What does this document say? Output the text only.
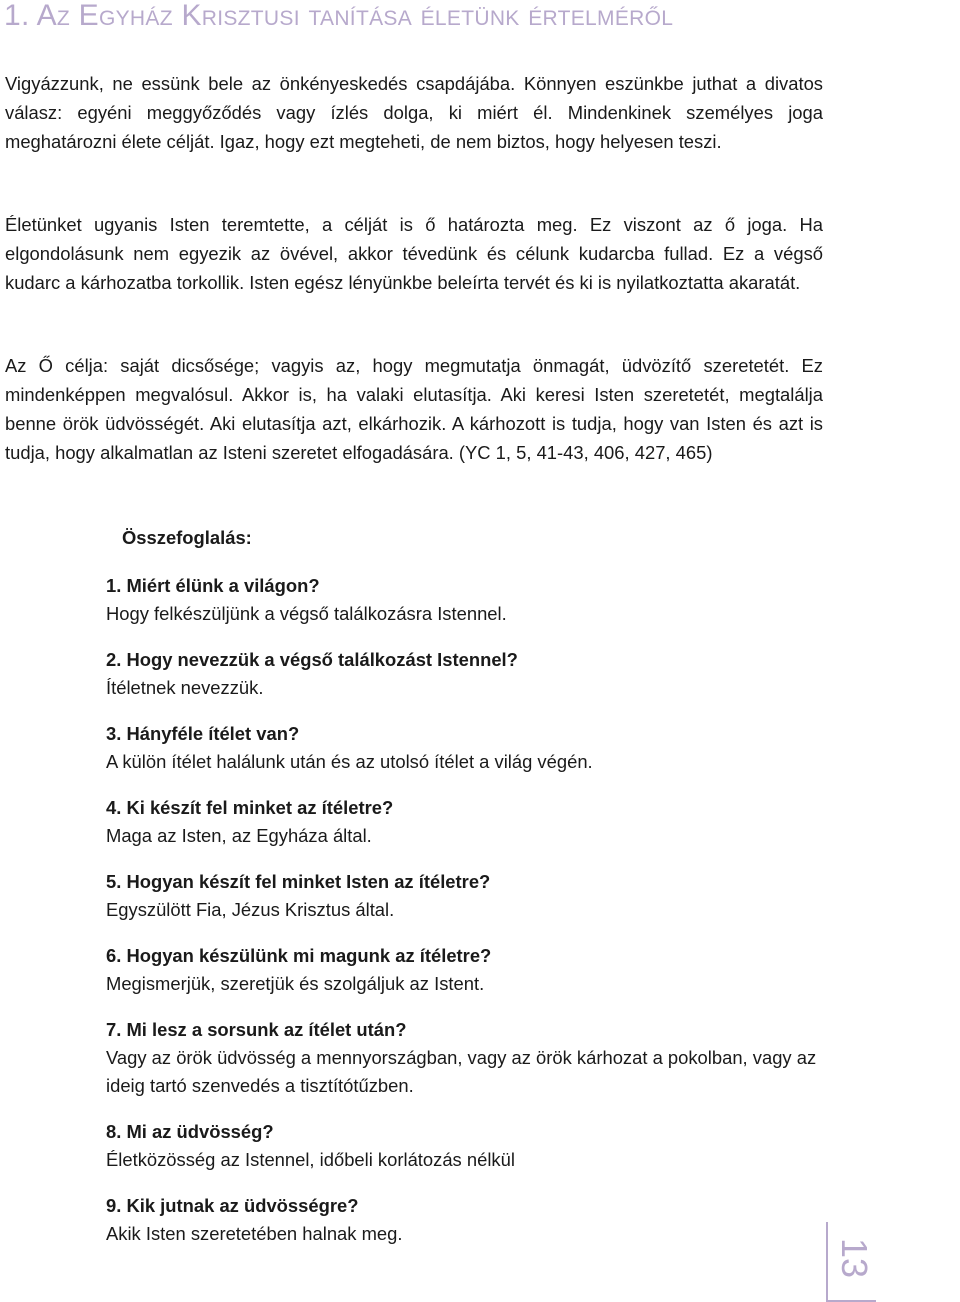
1. Az Egyház Krisztusi tanítása életünk értelméről

Vigyázzunk, ne essünk bele az önkényeskedés csapdájába. Könnyen eszünkbe juthat a divatos válasz: egyéni meggyőződés vagy ízlés dolga, ki miért él. Mindenkinek személyes joga meghatározni élete célját. Igaz, hogy ezt megteheti, de nem biztos, hogy helyesen teszi.

Életünket ugyanis Isten teremtette, a célját is ő határozta meg. Ez viszont az ő joga. Ha elgondolásunk nem egyezik az övével, akkor tévedünk és célunk kudarcba fullad. Ez a végső kudarc a kárhozatba torkollik. Isten egész lényünkbe beleírta tervét és ki is nyilatkoztatta akaratát.

Az Ő célja: saját dicsősége; vagyis az, hogy megmutatja önmagát, üdvözítő szeretetét. Ez mindenképpen megvalósul. Akkor is, ha valaki elutasítja. Aki keresi Isten szeretetét, megtalálja benne örök üdvösségét. Aki elutasítja azt, elkárhozik. A kárhozott is tudja, hogy van Isten és azt is tudja, hogy alkalmatlan az Isteni szeretet elfogadására. (YC 1, 5, 41-43, 406, 427, 465)

Összefoglalás:
1. Miért élünk a világon?
Hogy felkészüljünk a végső találkozásra Istennel.
2. Hogy nevezzük a végső találkozást Istennel?
Ítéletnek nevezzük.
3. Hányféle ítélet van?
A külön ítélet halálunk után és az utolsó ítélet a világ végén.
4. Ki készít fel minket az ítéletre?
Maga az Isten, az Egyháza által.
5. Hogyan készít fel minket Isten az ítéletre?
Egyszülött Fia, Jézus Krisztus által.
6. Hogyan készülünk mi magunk az ítéletre?
Megismerjük, szeretjük és szolgáljuk az Istent.
7. Mi lesz a sorsunk az ítélet után?
Vagy az örök üdvösség a mennyországban, vagy az örök kárhozat a pokolban, vagy az ideig tartó szenvedés a tisztítótűzben.
8. Mi az üdvösség?
Életközösség az Istennel, időbeli korlátozás nélkül
9. Kik jutnak az üdvösségre?
Akik Isten szeretetében halnak meg.
13
